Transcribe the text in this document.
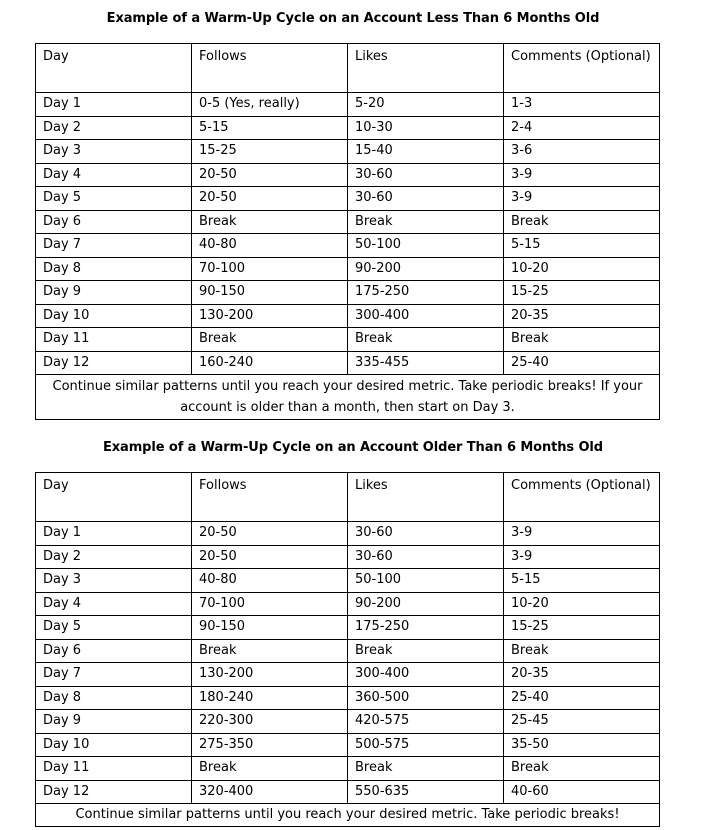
Example of a Warm-Up Cycle on an Account Less Than 6 Months Old
Day	Follows	Likes	Comments (Optional)
Day 1	0-5 (Yes, really)	5-20	1-3
Day 2	5-15	10-30	2-4
Day 3	15-25	15-40	3-6
Day 4	20-50	30-60	3-9
Day 5	20-50	30-60	3-9
Day 6	Break	Break	Break
Day 7	40-80	50-100	5-15
Day 8	70-100	90-200	10-20
Day 9	90-150	175-250	15-25
Day 10	130-200	300-400	20-35
Day 11	Break	Break	Break
Day 12	160-240	335-455	25-40
Continue similar patterns until you reach your desired metric. Take periodic breaks! If your account is older than a month, then start on Day 3.			
Example of a Warm-Up Cycle on an Account Older Than 6 Months Old
Day	Follows	Likes	Comments (Optional)
Day 1	20-50	30-60	3-9
Day 2	20-50	30-60	3-9
Day 3	40-80	50-100	5-15
Day 4	70-100	90-200	10-20
Day 5	90-150	175-250	15-25
Day 6	Break	Break	Break
Day 7	130-200	300-400	20-35
Day 8	180-240	360-500	25-40
Day 9	220-300	420-575	25-45
Day 10	275-350	500-575	35-50
Day 11	Break	Break	Break
Day 12	320-400	550-635	40-60
Continue similar patterns until you reach your desired metric. Take periodic breaks!			
